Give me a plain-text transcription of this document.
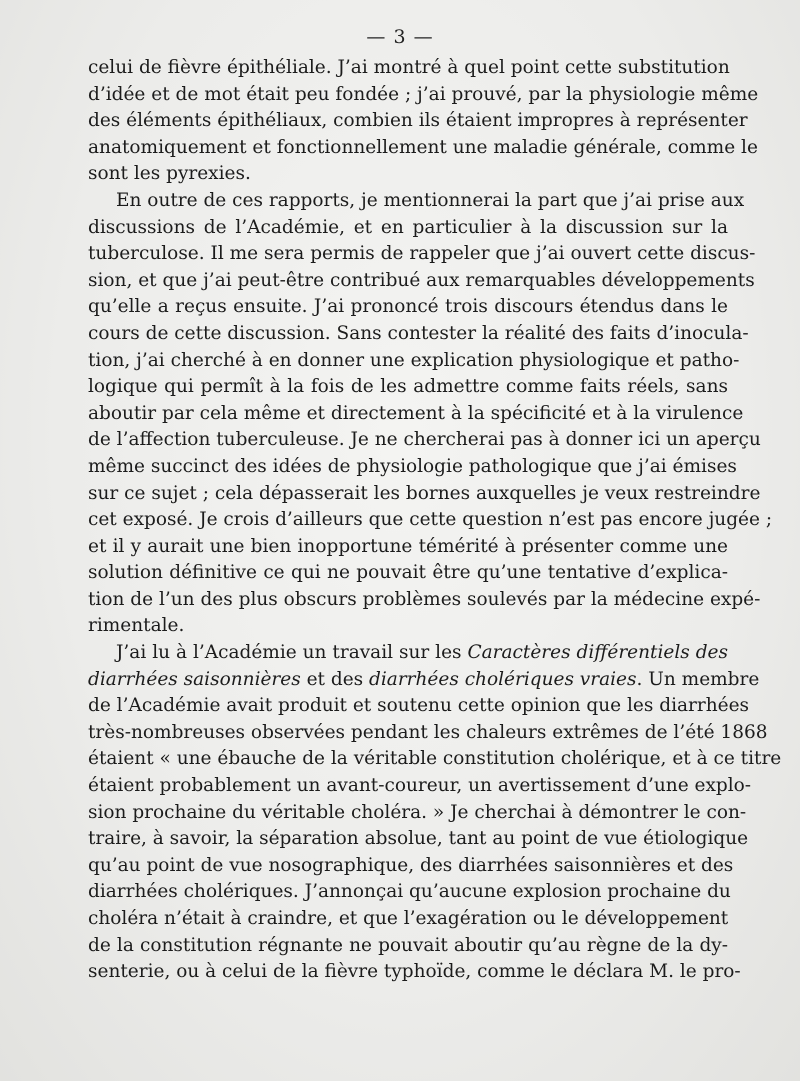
— 3 —
celui de fièvre épithéliale. J’ai montré à quel point cette substitution
d’idée et de mot était peu fondée ; j’ai prouvé, par la physiologie même
des éléments épithéliaux, combien ils étaient impropres à représenter
anatomiquement et fonctionnellement une maladie générale, comme le
sont les pyrexies.
En outre de ces rapports, je mentionnerai la part que j’ai prise aux
discussions de l’Académie, et en particulier à la discussion sur la
tuberculose. Il me sera permis de rappeler que j’ai ouvert cette discus-
sion, et que j’ai peut-être contribué aux remarquables développements
qu’elle a reçus ensuite. J’ai prononcé trois discours étendus dans le
cours de cette discussion. Sans contester la réalité des faits d’inocula-
tion, j’ai cherché à en donner une explication physiologique et patho-
logique qui permît à la fois de les admettre comme faits réels, sans
aboutir par cela même et directement à la spécificité et à la virulence
de l’affection tuberculeuse. Je ne chercherai pas à donner ici un aperçu
même succinct des idées de physiologie pathologique que j’ai émises
sur ce sujet ; cela dépasserait les bornes auxquelles je veux restreindre
cet exposé. Je crois d’ailleurs que cette question n’est pas encore jugée ;
et il y aurait une bien inopportune témérité à présenter comme une
solution définitive ce qui ne pouvait être qu’une tentative d’explica-
tion de l’un des plus obscurs problèmes soulevés par la médecine expé-
rimentale.
J’ai lu à l’Académie un travail sur les Caractères différentiels des
diarrhées saisonnières et des diarrhées cholériques vraies. Un membre
de l’Académie avait produit et soutenu cette opinion que les diarrhées
très-nombreuses observées pendant les chaleurs extrêmes de l’été 1868
étaient « une ébauche de la véritable constitution cholérique, et à ce titre
étaient probablement un avant-coureur, un avertissement d’une explo-
sion prochaine du véritable choléra. » Je cherchai à démontrer le con-
traire, à savoir, la séparation absolue, tant au point de vue étiologique
qu’au point de vue nosographique, des diarrhées saisonnières et des
diarrhées cholériques. J’annonçai qu’aucune explosion prochaine du
choléra n’était à craindre, et que l’exagération ou le développement
de la constitution régnante ne pouvait aboutir qu’au règne de la dy-
senterie, ou à celui de la fièvre typhoïde, comme le déclara M. le pro-
